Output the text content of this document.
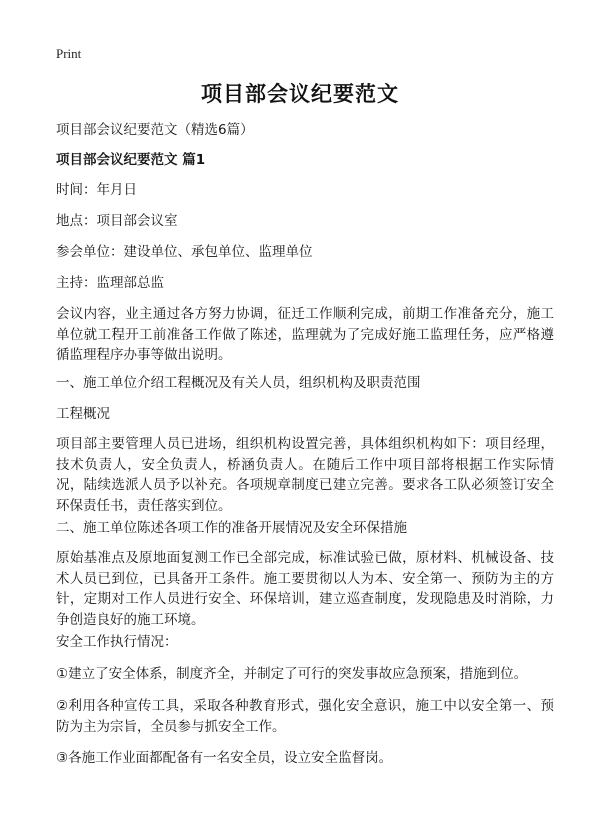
Print
项目部会议纪要范文
项目部会议纪要范文（精选6篇）
项目部会议纪要范文 篇1
时间：年月日
地点：项目部会议室
参会单位：建设单位、承包单位、监理单位
主持：监理部总监
会议内容，业主通过各方努力协调，征迁工作顺利完成，前期工作准备充分，施工单位就工程开工前准备工作做了陈述，监理就为了完成好施工监理任务，应严格遵循监理程序办事等做出说明。
一、施工单位介绍工程概况及有关人员，组织机构及职责范围
工程概况
项目部主要管理人员已进场，组织机构设置完善，具体组织机构如下：项目经理，技术负责人，安全负责人，桥涵负责人。在随后工作中项目部将根据工作实际情况，陆续选派人员予以补充。各项规章制度已建立完善。要求各工队必须签订安全环保责任书，责任落实到位。
二、施工单位陈述各项工作的准备开展情况及安全环保措施
原始基准点及原地面复测工作已全部完成，标准试验已做，原材料、机械设备、技术人员已到位，已具备开工条件。施工要贯彻以人为本、安全第一、预防为主的方针，定期对工作人员进行安全、环保培训，建立巡查制度，发现隐患及时消除，力争创造良好的施工环境。
安全工作执行情况：
①建立了安全体系，制度齐全，并制定了可行的突发事故应急预案，措施到位。
②利用各种宣传工具，采取各种教育形式，强化安全意识，施工中以安全第一、预防为主为宗旨，全员参与抓安全工作。
③各施工作业面都配备有一名安全员，设立安全监督岗。
